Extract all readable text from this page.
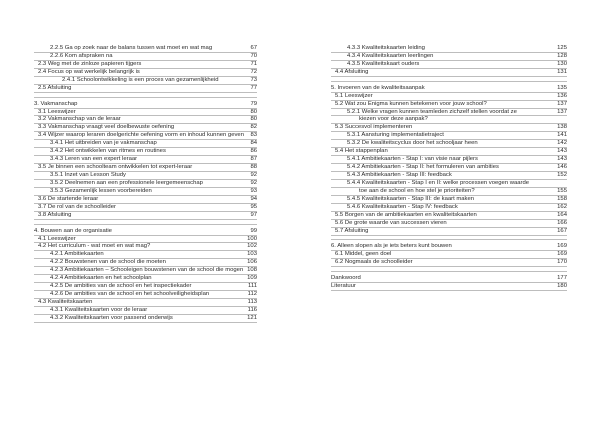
2.2.5 Ga op zoek naar de balans tussen wat moet en wat mag	67
2.2.6 Kom afspraken na	70
2.3 Weg met de zinloze papieren tijgers	71
2.4 Focus op wat werkelijk belangrijk is	72
2.4.1 Schoolontwikkeling is een proces van gezamenlijkheid	73
2.5 Afsluiting	77
3. Vakmanschap	79
3.1 Leeswijzer	80
3.2 Vakmanschap van de leraar	80
3.3 Vakmanschap vraagt veel doelbewuste oefening	82
3.4 Wijzer waarop leraren doelgerichte oefening vorm en inhoud kunnen geven 83
3.4.1 Het uitbreiden van je vakmanschap	84
3.4.2 Het ontwikkelen van ritmes en routines	86
3.4.3 Leren van een expert leraar	87
3.5 Je binnen een schoolteam ontwikkelen tot expert-leraar	88
3.5.1 Inzet van Lesson Study	92
3.5.2 Deelnemen aan een professionele leergemeenschap	92
3.5.3 Gezamenlijk lessen voorbereiden	93
3.6 De startende leraar	94
3.7 De rol van de schoolleider	95
3.8 Afsluiting	97
4. Bouwen aan de organisatie	99
4.1 Leeswijzer	100
4.2 Het curriculum - wat moet en wat mag?	102
4.2.1 Ambitiekaarten	103
4.2.2 Bouwstenen van de school die moeten	106
4.2.3 Ambitiekaarten – Schooleigen bouwstenen van de school die mogen 108
4.2.4 Ambitiekaarten en het schoolplan	109
4.2.5 De ambities van de school en het inspectiekader	111
4.2.6 De ambities van de school en het schoolveiligheidsplan	112
4.3 Kwaliteitskaarten	113
4.3.1 Kwaliteitskaarten voor de leraar	116
4.3.2 Kwaliteitskaarten voor passend onderwijs	121
4.3.3 Kwaliteitskaarten leiding	125
4.3.4 Kwaliteitskaarten leerlingen	128
4.3.5 Kwaliteitskaart ouders	130
4.4 Afsluiting	131
5. Invoeren van de kwaliteitsaanpak	135
5.1 Leeswijzer	136
5.2 Wat zou Enigma kunnen betekenen voor jouw school?	137
5.2.1 Welke vragen kunnen teamleden zichzelf stellen voordat ze	137
kiezen voor deze aanpak?
5.3 Succesvol implementeren	138
5.3.1 Aansturing implementatietraject	141
5.3.2 De kwaliteitscyclus door het schooljaar heen	142
5.4 Het stappenplan	143
5.4.1 Ambitiekaarten - Stap I: van visie naar pijlers	143
5.4.2 Ambitiekaarten - Stap II: het formuleren van ambities	146
5.4.3 Ambitiekaarten - Stap III: feedback	152
5.4.4 Kwaliteitskaarten - Stap I en II: welke processen voegen waarde
toe aan de school en hoe stel je prioriteiten?	155
5.4.5 Kwaliteitskaarten - Stap III: de kaart maken	158
5.4.6 Kwaliteitskaarten - Stap IV: feedback	162
5.5 Borgen van de ambitiekaarten en kwaliteitskaarten	164
5.6 De grote waarde van successen vieren	166
5.7 Afsluiting	167
6. Alleen slopen als je iets beters kunt bouwen	169
6.1 Middel, geen doel	169
6.2 Nogmaals de schoolleider	170
Dankwoord	177
Literatuur	180
